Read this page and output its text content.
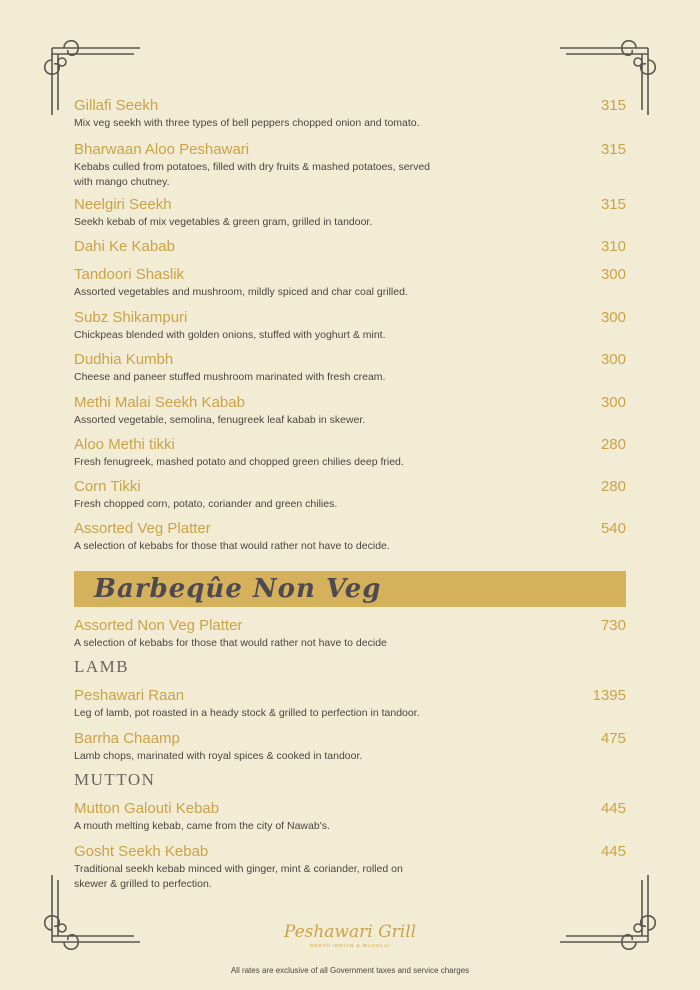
Gillafi Seekh	315
Mix veg seekh with three types of bell peppers chopped onion and tomato.
Bharwaan Aloo Peshawari	315
Kebabs culled from potatoes, filled with dry fruits & mashed potatoes, served with mango chutney.
Neelgiri Seekh	315
Seekh kebab of mix vegetables & green gram, grilled in tandoor.
Dahi Ke Kabab	310
Tandoori Shaslik	300
Assorted vegetables and mushroom, mildly spiced and char coal grilled.
Subz Shikampuri	300
Chickpeas blended with golden onions, stuffed with yoghurt & mint.
Dudhia Kumbh	300
Cheese and paneer stuffed mushroom marinated with fresh cream.
Methi Malai Seekh Kabab	300
Assorted vegetable, semolina, fenugreek leaf kabab in skewer.
Aloo Methi tikki	280
Fresh fenugreek, mashed potato and chopped green chilies deep fried.
Corn Tikki	280
Fresh chopped corn, potato, coriander and green chilies.
Assorted Veg Platter	540
A selection of kebabs for those that would rather not have to decide.
Barbeqûe Non Veg
Assorted Non Veg Platter	730
A selection of kebabs for those that would rather not have to decide
LAMB
Peshawari Raan	1395
Leg of lamb, pot roasted in a heady stock & grilled to perfection in tandoor.
Barrha Chaamp	475
Lamb chops, marinated with royal spices & cooked in tandoor.
MUTTON
Mutton Galouti Kebab	445
A mouth melting kebab, came from the city of Nawab's.
Gosht Seekh Kebab	445
Traditional seekh kebab minced with ginger, mint & coriander, rolled on skewer & grilled to perfection.
Peshawari Grill
NORTH INDIAN & MUGHLAI
All rates are exclusive of all Government taxes and service charges
